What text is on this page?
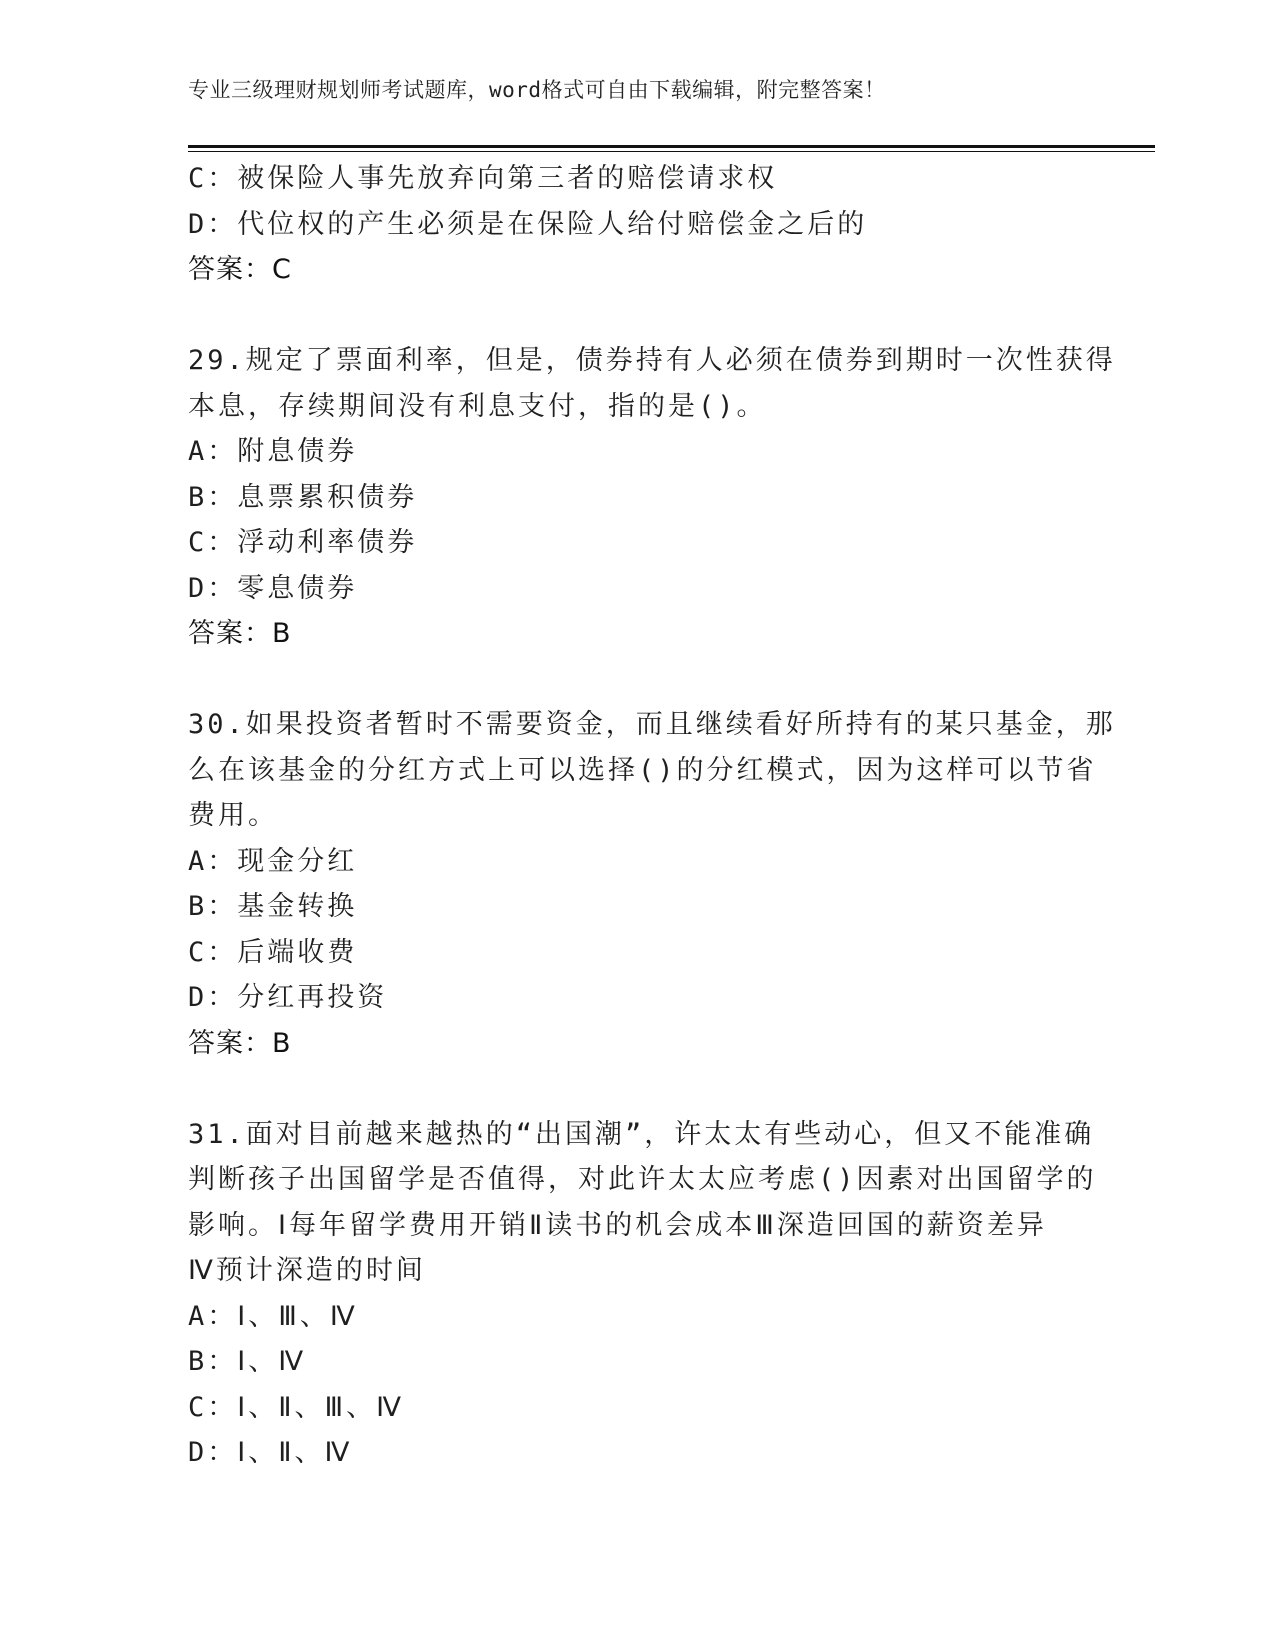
专业三级理财规划师考试题库，word格式可自由下载编辑，附完整答案！
C：被保险人事先放弃向第三者的赔偿请求权
D：代位权的产生必须是在保险人给付赔偿金之后的
答案：C
29.规定了票面利率，但是，债券持有人必须在债券到期时一次性获得
本息，存续期间没有利息支付，指的是()。
A：附息债券
B：息票累积债券
C：浮动利率债券
D：零息债券
答案：B
30.如果投资者暂时不需要资金，而且继续看好所持有的某只基金，那
么在该基金的分红方式上可以选择()的分红模式，因为这样可以节省
费用。
A：现金分红
B：基金转换
C：后端收费
D：分红再投资
答案：B
31.面对目前越来越热的“出国潮”，许太太有些动心，但又不能准确
判断孩子出国留学是否值得，对此许太太应考虑()因素对出国留学的
影响。Ⅰ每年留学费用开销Ⅱ读书的机会成本Ⅲ深造回国的薪资差异
Ⅳ预计深造的时间
A：Ⅰ、Ⅲ、Ⅳ
B：Ⅰ、Ⅳ
C：Ⅰ、Ⅱ、Ⅲ、Ⅳ
D：Ⅰ、Ⅱ、Ⅳ
